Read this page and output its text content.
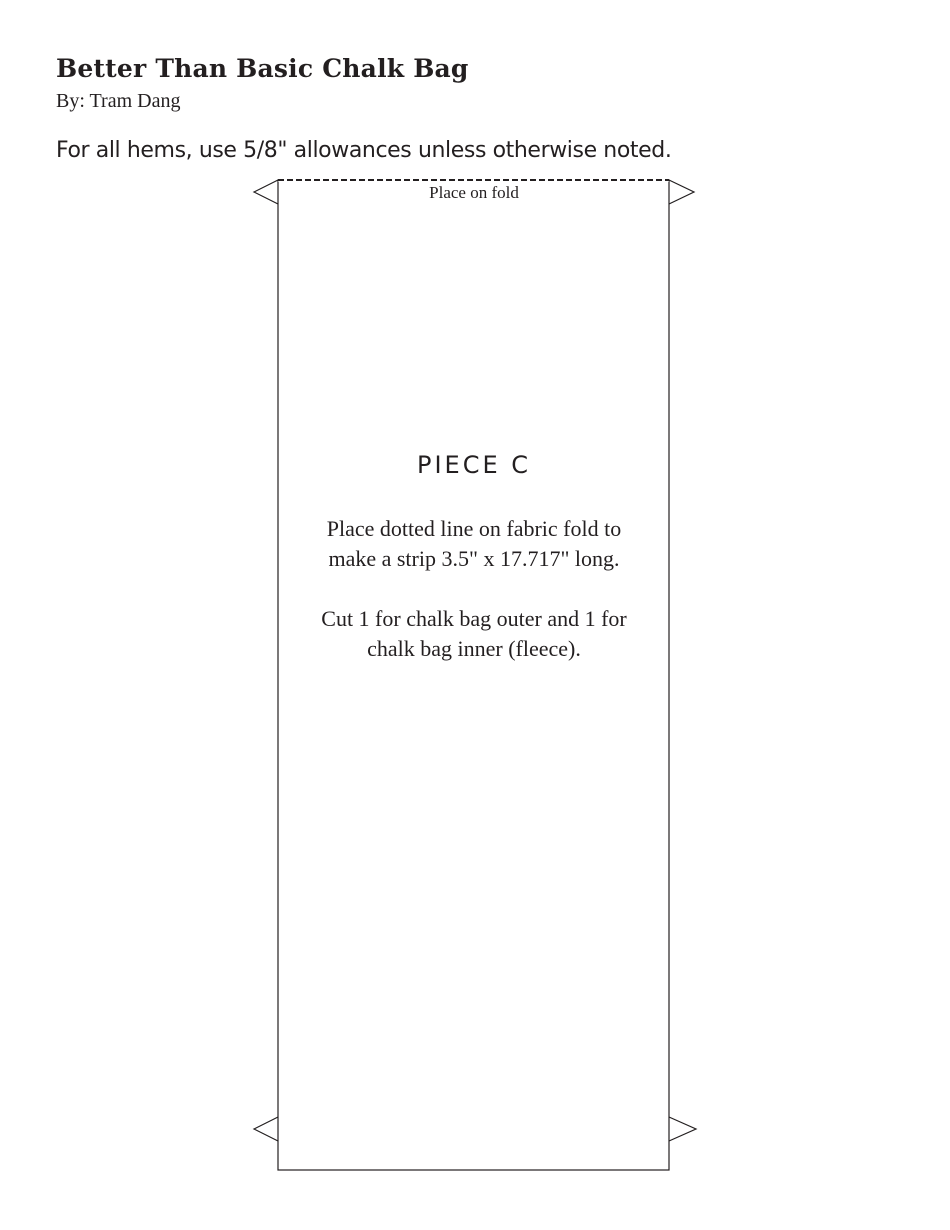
Better Than Basic Chalk Bag
By: Tram Dang
For all hems, use 5/8" allowances unless otherwise noted.
Place on fold
PIECE C
Place dotted line on fabric fold to
make a strip 3.5" x 17.717" long.
Cut 1 for chalk bag outer and 1 for
chalk bag inner (fleece).
